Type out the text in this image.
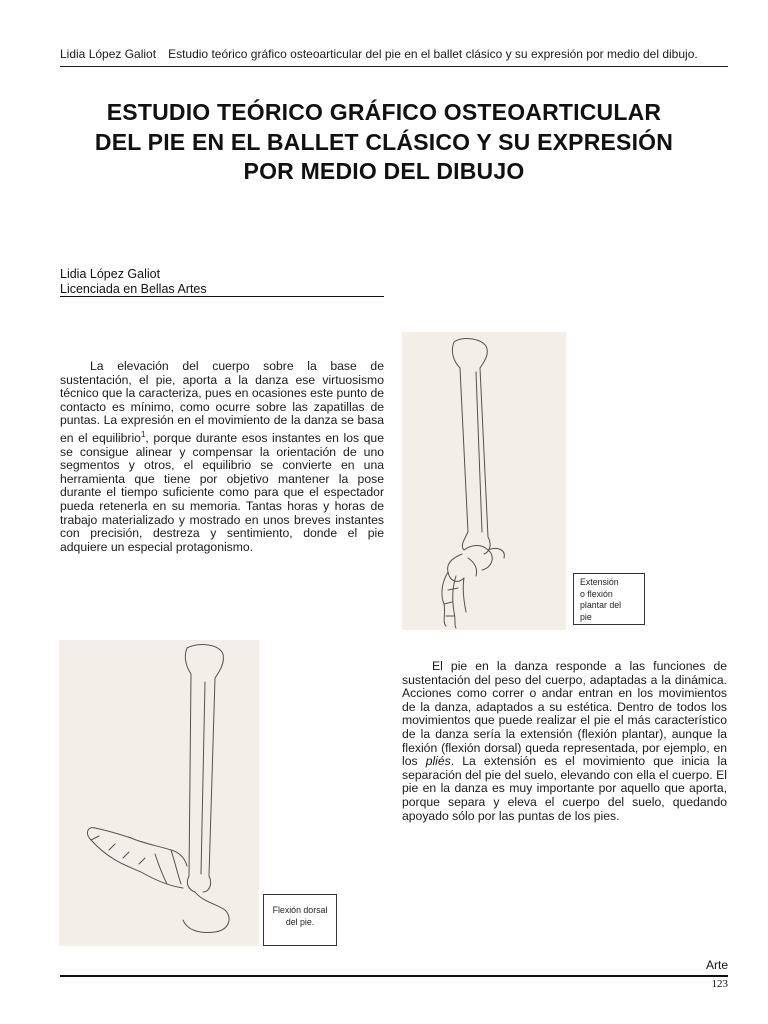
Lidia López Galiot Estudio teórico gráfico osteoarticular del pie en el ballet clásico y su expresión por medio del dibujo.
ESTUDIO TEÓRICO GRÁFICO OSTEOARTICULAR
DEL PIE EN EL BALLET CLÁSICO Y SU EXPRESIÓN
POR MEDIO DEL DIBUJO
Lidia López Galiot
Licenciada en Bellas Artes

La elevación del cuerpo sobre la base de sustentación, el pie, aporta a la danza ese virtuosismo técnico que la caracteriza, pues en ocasiones este punto de contacto es mínimo, como ocurre sobre las zapatillas de puntas. La expresión en el movimiento de la danza se basa en el equilibrio$^1$, porque durante esos instantes en los que se consigue alinear y compensar la orientación de uno segmentos y otros, el equilibrio se convierte en una herramienta que tiene por objetivo mantener la pose durante el tiempo suficiente como para que el espectador pueda retenerla en su memoria. Tantas horas y horas de trabajo materializado y mostrado en unos breves instantes con precisión, destreza y sentimiento, donde el pie adquiere un especial protagonismo.

Extensión
o flexión
plantar del
pie
Flexión dorsal
del pie.

El pie en la danza responde a las funciones de sustentación del peso del cuerpo, adaptadas a la dinámica. Acciones como correr o andar entran en los movimientos de la danza, adaptados a su estética. Dentro de todos los movimientos que puede realizar el pie el más característico de la danza sería la extensión (flexión plantar), aunque la flexión (flexión dorsal) queda representada, por ejemplo, en los pliés. La extensión es el movimiento que inicia la separación del pie del suelo, elevando con ella el cuerpo. El pie en la danza es muy importante por aquello que aporta, porque separa y eleva el cuerpo del suelo, quedando apoyado sólo por las puntas de los pies.

Arte
123
